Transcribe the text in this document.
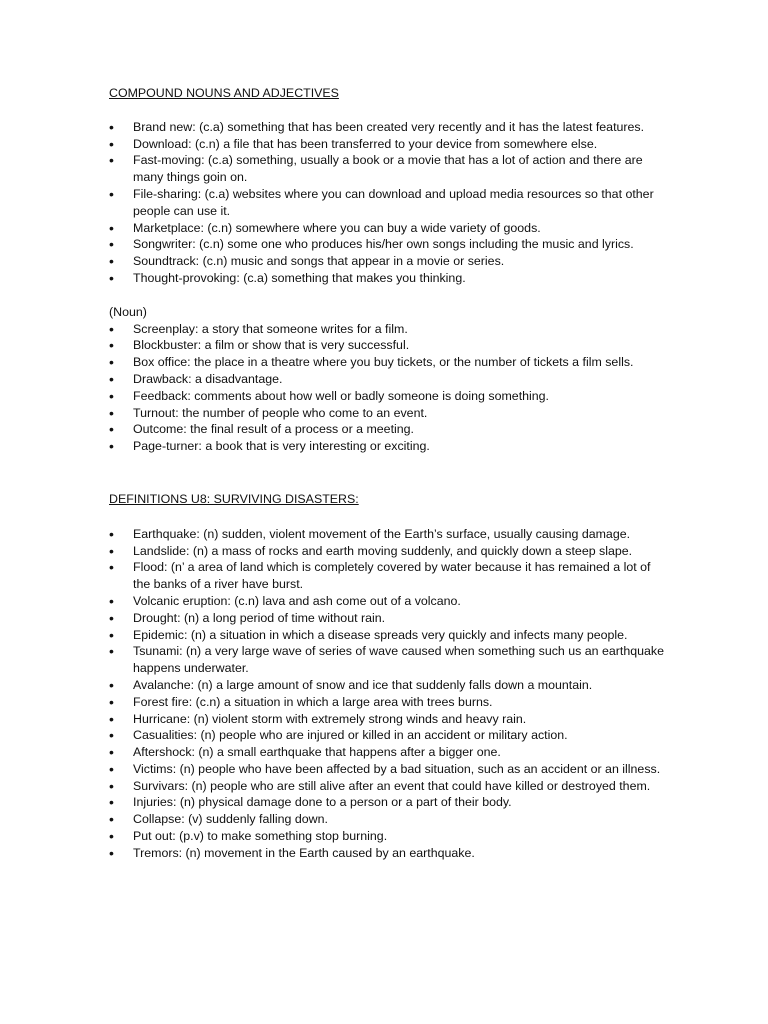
COMPOUND NOUNS AND ADJECTIVES

• Brand new: (c.a) something that has been created very recently and it has the latest features.
• Download: (c.n) a file that has been transferred to your device from somewhere else.
• Fast-moving: (c.a) something, usually a book or a movie that has a lot of action and there are many things goin on.
• File-sharing: (c.a) websites where you can download and upload media resources so that other people can use it.
• Marketplace: (c.n) somewhere where you can buy a wide variety of goods.
• Songwriter: (c.n) some one who produces his/her own songs including the music and lyrics.
• Soundtrack: (c.n) music and songs that appear in a movie or series.
• Thought-provoking: (c.a) something that makes you thinking.

(Noun)

• Screenplay: a story that someone writes for a film.
• Blockbuster: a film or show that is very successful.
• Box office: the place in a theatre where you buy tickets, or the number of tickets a film sells.
• Drawback: a disadvantage.
• Feedback: comments about how well or badly someone is doing something.
• Turnout: the number of people who come to an event.
• Outcome: the final result of a process or a meeting.
• Page-turner: a book that is very interesting or exciting.

DEFINITIONS U8: SURVIVING DISASTERS:

• Earthquake: (n) sudden, violent movement of the Earth’s surface, usually causing damage.
• Landslide: (n) a mass of rocks and earth moving suddenly, and quickly down a steep slape.
• Flood: (n’ a area of land which is completely covered by water because it has remained a lot of the banks of a river have burst.
• Volcanic eruption: (c.n) lava and ash come out of a volcano.
• Drought: (n) a long period of time without rain.
• Epidemic: (n) a situation in which a disease spreads very quickly and infects many people.
• Tsunami: (n) a very large wave of series of wave caused when something such us an earthquake happens underwater.
• Avalanche: (n) a large amount of snow and ice that suddenly falls down a mountain.
• Forest fire: (c.n) a situation in which a large area with trees burns.
• Hurricane: (n) violent storm with extremely strong winds and heavy rain.
• Casualities: (n) people who are injured or killed in an accident or military action.
• Aftershock: (n) a small earthquake that happens after a bigger one.
• Victims: (n) people who have been affected by a bad situation, such as an accident or an illness.
• Survivars: (n) people who are still alive after an event that could have killed or destroyed them.
• Injuries: (n) physical damage done to a person or a part of their body.
• Collapse: (v) suddenly falling down.
• Put out: (p.v) to make something stop burning.
• Tremors: (n) movement in the Earth caused by an earthquake.
